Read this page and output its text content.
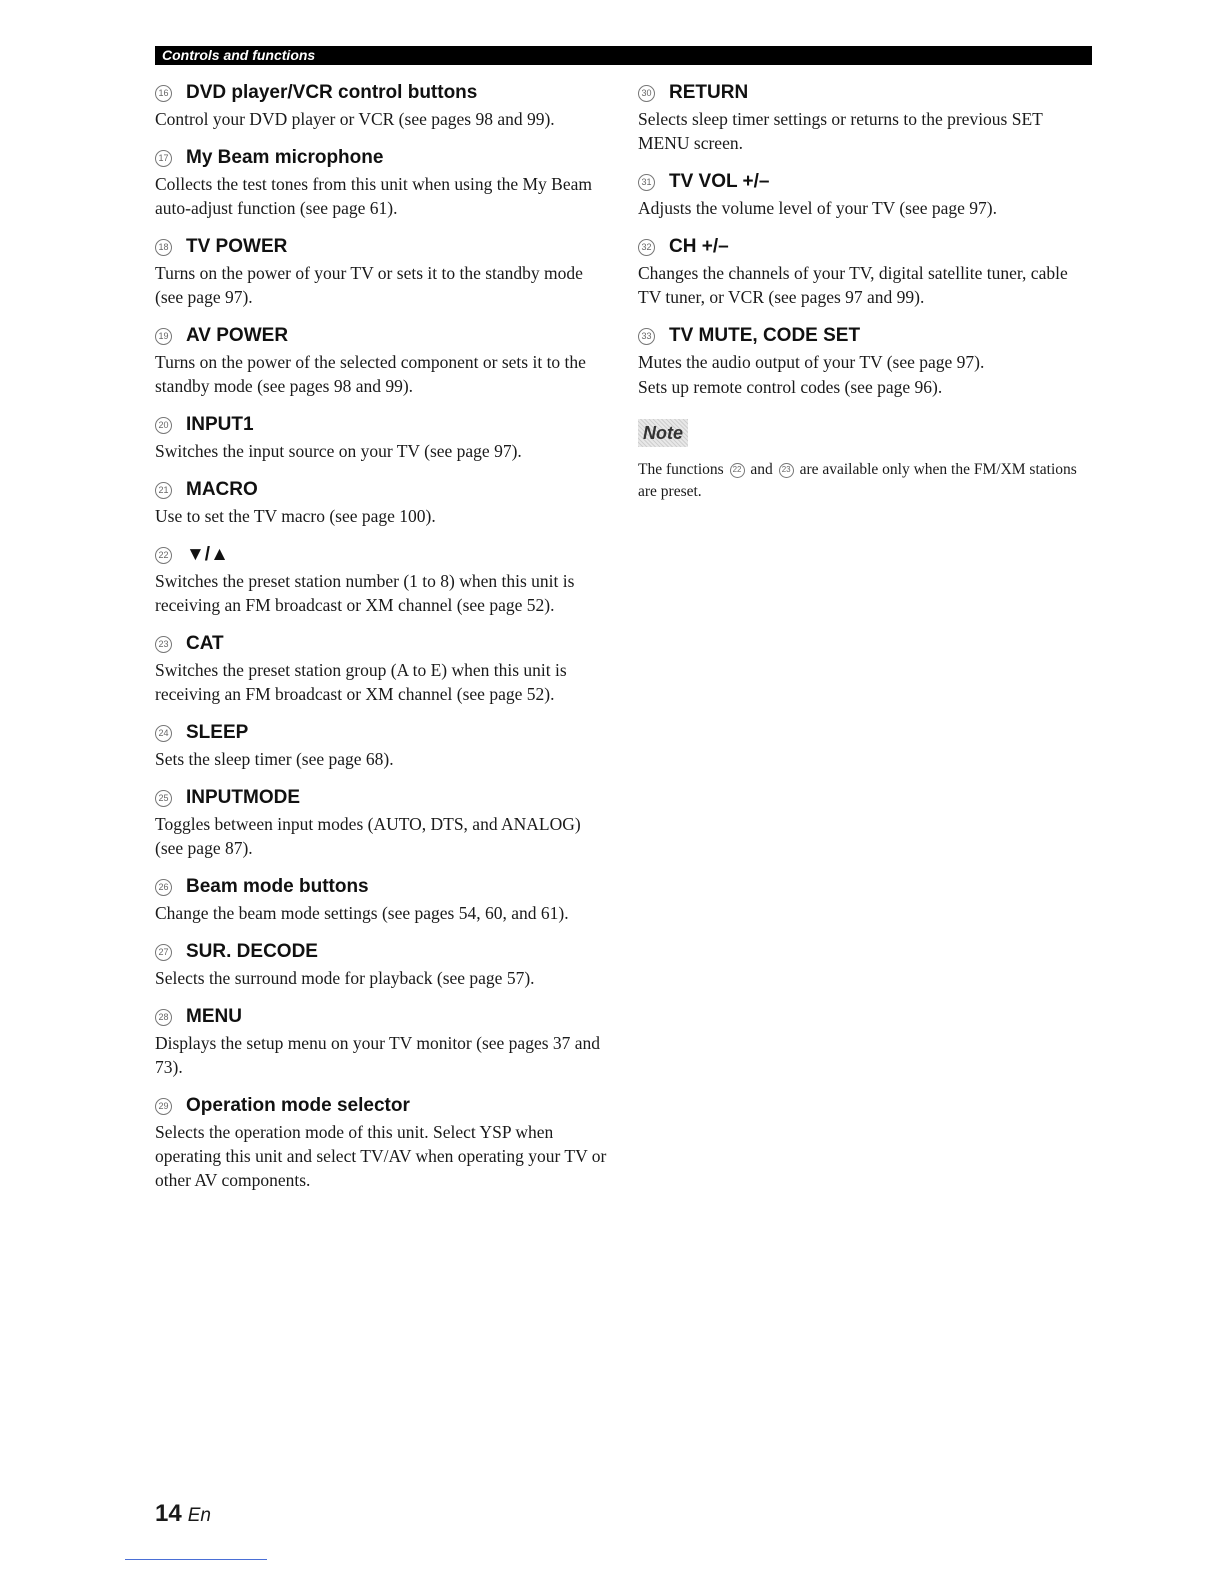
Controls and functions
16 DVD player/VCR control buttons
Control your DVD player or VCR (see pages 98 and 99).
17 My Beam microphone
Collects the test tones from this unit when using the My Beam auto-adjust function (see page 61).
18 TV POWER
Turns on the power of your TV or sets it to the standby mode (see page 97).
19 AV POWER
Turns on the power of the selected component or sets it to the standby mode (see pages 98 and 99).
20 INPUT1
Switches the input source on your TV (see page 97).
21 MACRO
Use to set the TV macro (see page 100).
22 ▼/▲
Switches the preset station number (1 to 8) when this unit is receiving an FM broadcast or XM channel (see page 52).
23 CAT
Switches the preset station group (A to E) when this unit is receiving an FM broadcast or XM channel (see page 52).
24 SLEEP
Sets the sleep timer (see page 68).
25 INPUTMODE
Toggles between input modes (AUTO, DTS, and ANALOG) (see page 87).
26 Beam mode buttons
Change the beam mode settings (see pages 54, 60, and 61).
27 SUR. DECODE
Selects the surround mode for playback (see page 57).
28 MENU
Displays the setup menu on your TV monitor (see pages 37 and 73).
29 Operation mode selector
Selects the operation mode of this unit. Select YSP when operating this unit and select TV/AV when operating your TV or other AV components.
30 RETURN
Selects sleep timer settings or returns to the previous SET MENU screen.
31 TV VOL +/–
Adjusts the volume level of your TV (see page 97).
32 CH +/–
Changes the channels of your TV, digital satellite tuner, cable TV tuner, or VCR (see pages 97 and 99).
33 TV MUTE, CODE SET
Mutes the audio output of your TV (see page 97).
Sets up remote control codes (see page 96).
Note
The functions 22 and 23 are available only when the FM/XM stations are preset.
14 En
